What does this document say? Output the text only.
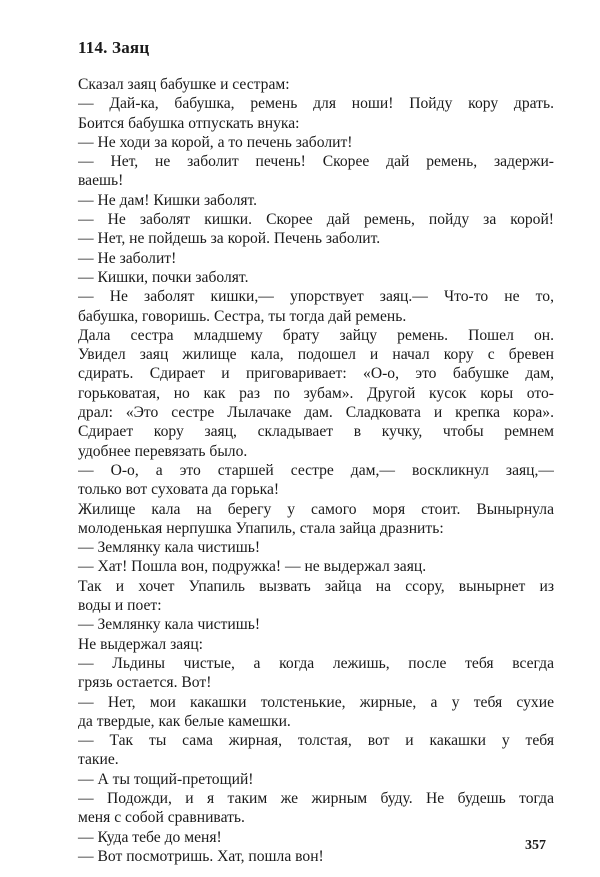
114. Заяц
Сказал заяц бабушке и сестрам:
— Дай-ка, бабушка, ремень для ноши! Пойду кору драть.
Боится бабушка отпускать внука:
— Не ходи за корой, а то печень заболит!
— Нет, не заболит печень! Скорее дай ремень, задержи-
ваешь!
— Не дам! Кишки заболят.
— Не заболят кишки. Скорее дай ремень, пойду за корой!
— Нет, не пойдешь за корой. Печень заболит.
— Не заболит!
— Кишки, почки заболят.
— Не заболят кишки,— упорствует заяц.— Что-то не то,
бабушка, говоришь. Сестра, ты тогда дай ремень.
Дала сестра младшему брату зайцу ремень. Пошел он.
Увидел заяц жилище кала, подошел и начал кору с бревен
сдирать. Сдирает и приговаривает: «О-о, это бабушке дам,
горьковатая, но как раз по зубам». Другой кусок коры ото-
драл: «Это сестре Лылачаке дам. Сладковата и крепка кора».
Сдирает кору заяц, складывает в кучку, чтобы ремнем
удобнее перевязать было.
— О-о, а это старшей сестре дам,— воскликнул заяц,—
только вот суховата да горька!
Жилище кала на берегу у самого моря стоит. Вынырнула
молоденькая нерпушка Упапиль, стала зайца дразнить:
— Землянку кала чистишь!
— Хат! Пошла вон, подружка! — не выдержал заяц.
Так и хочет Упапиль вызвать зайца на ссору, вынырнет из
воды и поет:
— Землянку кала чистишь!
Не выдержал заяц:
— Льдины чистые, а когда лежишь, после тебя всегда
грязь остается. Вот!
— Нет, мои какашки толстенькие, жирные, а у тебя сухие
да твердые, как белые камешки.
— Так ты сама жирная, толстая, вот и какашки у тебя
такие.
— А ты тощий-претощий!
— Подожди, и я таким же жирным буду. Не будешь тогда
меня с собой сравнивать.
— Куда тебе до меня!
— Вот посмотришь. Хат, пошла вон!
357
